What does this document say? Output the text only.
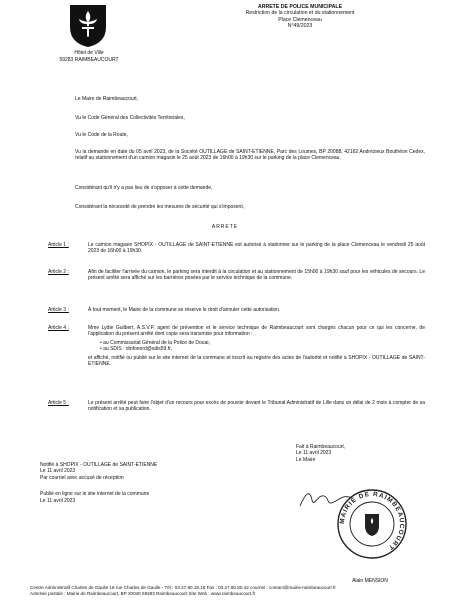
Hôtel de Ville
59283 RAIMBEAUCOURT
ARRETE DE POLICE MUNICIPALE
Restriction de la circulation et du stationnement
Place Clemenceau
N°49/2023
Le Maire de Raimbeaucourt,
Vu le Code Général des Collectivités Territoriales,
Vu le Code de la Route,
Vu la demande en date du 05 avril 2023, de la Société OUTILLAGE de SAINT-ETIENNE, Parc des Loumes, BP 20088, 42162 Andrézieux Bouthéon Cedex, relatif au stationnement d'un camion magasin le 25 août 2023 de 16h00 à 19h30 sur le parking de la place Clemenceau.
Considérant qu'il n'y a pas lieu de s'opposer à cette demande,
Considérant la nécessité de prendre les mesures de sécurité qui s'imposent,
ARRETE
Article 1 :	Le camion magasin SHOPIX - OUTILLAGE de SAINT-ETIENNE est autorisé à stationner sur le parking de la place Clemenceau le vendredi 25 août 2023 de 16h00 à 19h30.
Article 2 :	Afin de faciliter l'arrivée du camion, le parking sera interdit à la circulation et au stationnement de 15h00 à 19h30 sauf pour les véhicules de secours. Le présent arrêté sera affiché sur les barrières posées par le service technique de la commune.
Article 3 :	À tout moment, le Maire de la commune se réserve le droit d'annuler cette autorisation.
Article 4 :	Mme Lydie Guilbert, A.S.V.P. agent de prévention et le service technique de Raimbeaucourt sont chargés chacun pour ce qui les concerne, de l'application du présent arrêté dont copie sera transmise pour information :
• au Commissariat Général de la Police de Douai,
• au SDIS : dinfonord@sdis59.fr,
et affiché, notifié ou publié sur le site internet de la commune et inscrit au registre des actes de l'autorité et notifié à SHOPIX - OUTILLAGE de SAINT-ETIENNE.
Article 5 :	Le présent arrêté peut faire l'objet d'un recours pour excès de pouvoir devant le Tribunal Administratif de Lille dans un délai de 2 mois à compter de sa notification et sa publication.
Notifié à SHOPIX - OUTILLAGE de SAINT-ETIENNE
Le 11 avril 2023
Par courriel avec accusé de réception
Publié en ligne sur le site internet de la commune
Le 11 avril 2023
Fait à Raimbeaucourt,
Le 11 avril 2023
Le Maire
MAIRIE DE RAIMBEAUCOURT
Alain MENSION
Centre Administratif Charles de Gaulle 18 rue Charles de Gaulle - Tél : 03.27.80.18.18 Fax : 03.27.80.80.42 courriel : contact@mairie-raimbeaucourt.fr
Adresse postale : Mairie de Raimbeaucourt, BP 20040 59283 Raimbeaucourt Site Web : www.raimbeaucourt.fr
